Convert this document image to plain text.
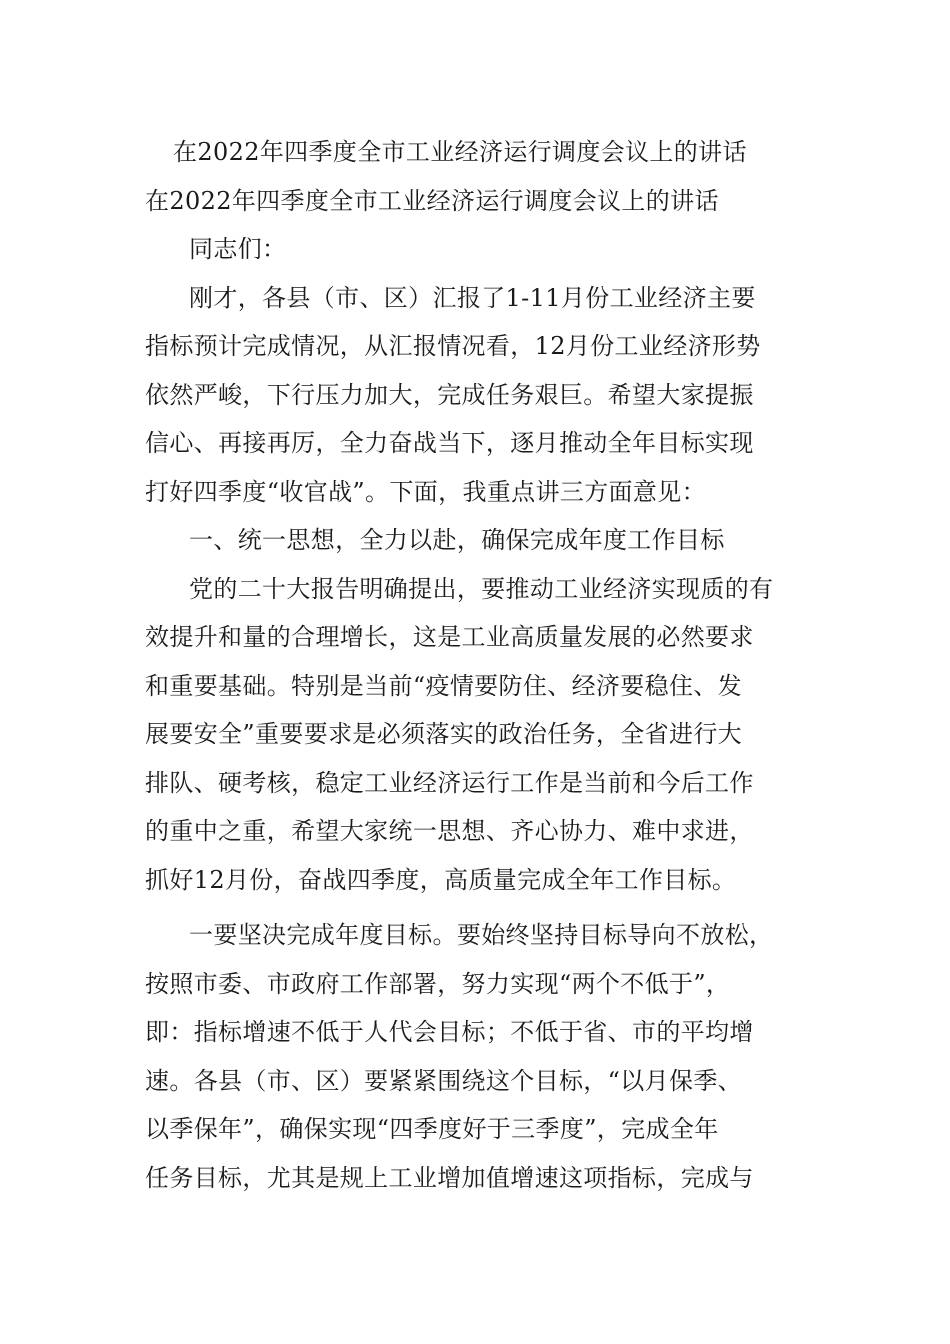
在2022年四季度全市工业经济运行调度会议上的讲话
在2022年四季度全市工业经济运行调度会议上的讲话
同志们：
刚才，各县（市、区）汇报了1-11月份工业经济主要
指标预计完成情况，从汇报情况看，12月份工业经济形势
依然严峻，下行压力加大，完成任务艰巨。希望大家提振
信心、再接再厉，全力奋战当下，逐月推动全年目标实现
打好四季度“收官战”。下面，我重点讲三方面意见：
一、统一思想，全力以赴，确保完成年度工作目标
党的二十大报告明确提出，要推动工业经济实现质的有
效提升和量的合理增长，这是工业高质量发展的必然要求
和重要基础。特别是当前“疫情要防住、经济要稳住、发
展要安全”重要要求是必须落实的政治任务，全省进行大
排队、硬考核，稳定工业经济运行工作是当前和今后工作
的重中之重，希望大家统一思想、齐心协力、难中求进，
抓好12月份，奋战四季度，高质量完成全年工作目标。
一要坚决完成年度目标。要始终坚持目标导向不放松，
按照市委、市政府工作部署，努力实现“两个不低于”，
即：指标增速不低于人代会目标；不低于省、市的平均增
速。各县（市、区）要紧紧围绕这个目标，“以月保季、
以季保年”，确保实现“四季度好于三季度”，完成全年
任务目标，尤其是规上工业增加值增速这项指标，完成与
